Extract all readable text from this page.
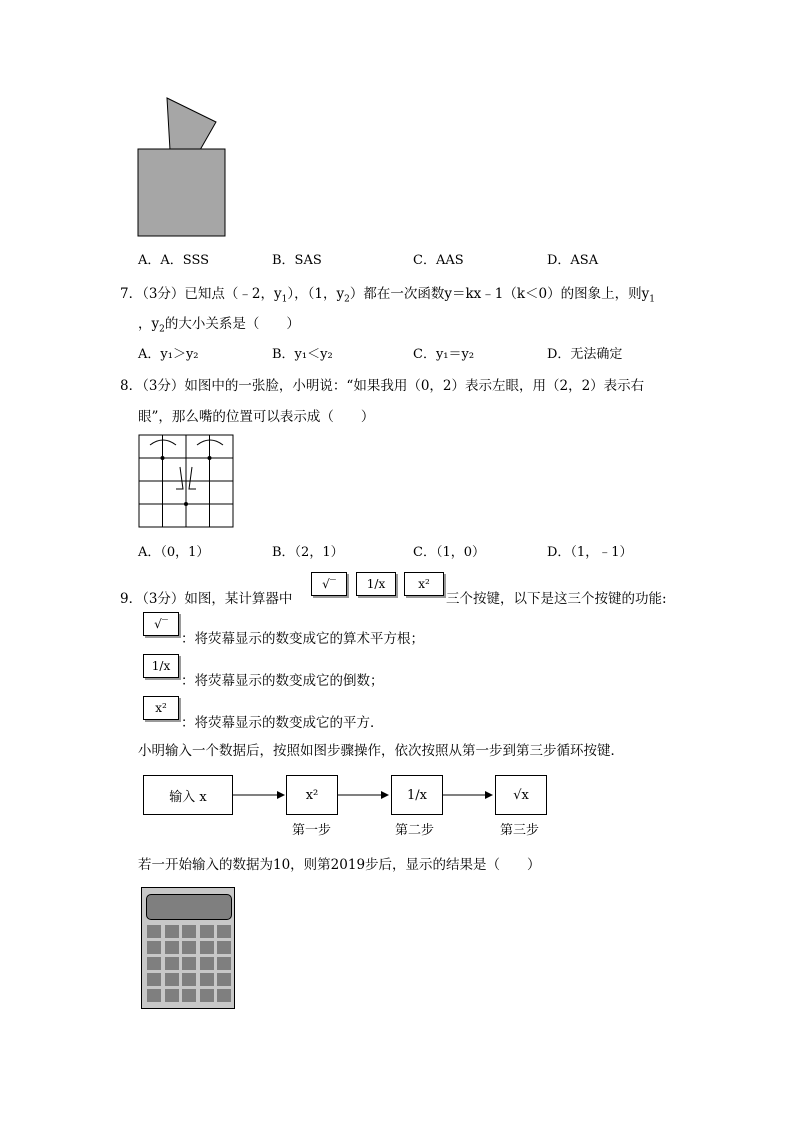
A．A．SSS	B．SAS	C．AAS	D．ASA
7．（3分）已知点（﹣2，$y_1$），（1，$y_2$）都在一次函数y＝kx﹣1（k＜0）的图象上，则$y_1$
，$y_2$的大小关系是（　　）
A．y₁＞y₂	B．y₁＜y₂	C．y₁＝y₂	D．无法确定
8．（3分）如图中的一张脸，小明说：“如果我用（0，2）表示左眼，用（2，2）表示右
眼”，那么嘴的位置可以表示成（　　）
A．（0，1）	B．（2，1）	C．（1，0）	D．（1，﹣1）
9．（3分）如图，某计算器中
√‾	1/x	x²
三个按键，以下是这三个按键的功能:
√‾
：将荧幕显示的数变成它的算术平方根；
1/x
：将荧幕显示的数变成它的倒数；
x²
：将荧幕显示的数变成它的平方．
小明输入一个数据后，按照如图步骤操作，依次按照从第一步到第三步循环按键．
输入 x	x²	1/x	√x
第一步	第二步	第三步
若一开始输入的数据为10，则第2019步后，显示的结果是（　　）
